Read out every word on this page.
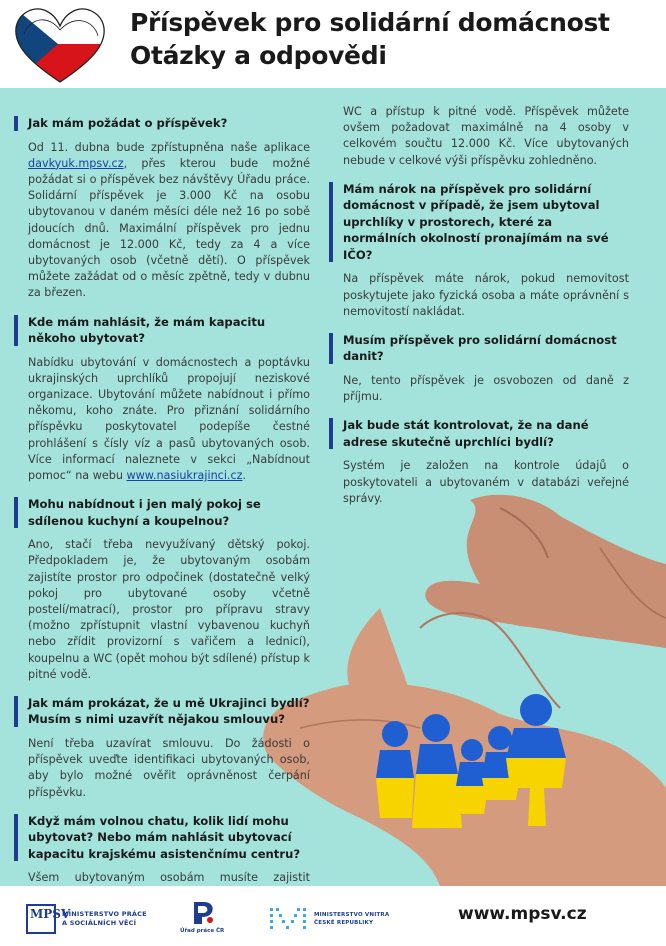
Příspěvek pro solidární domácnost
Otázky a odpovědi
Jak mám požádat o příspěvek?
Od 11. dubna bude zpřístupněna naše aplikace davkyuk.mpsv.cz, přes kterou bude možné požádat si o příspěvek bez návštěvy Úřadu práce. Solidární příspěvek je 3.000 Kč na osobu ubytovanou v daném měsíci déle než 16 po sobě jdoucích dnů. Maximální příspěvek pro jednu domácnost je 12.000 Kč, tedy za 4 a více ubytovaných osob (včetně dětí). O příspěvek můžete zažádat od o měsíc zpětně, tedy v dubnu za březen.
Kde mám nahlásit, že mám kapacitu někoho ubytovat?
Nabídku ubytování v domácnostech a poptávku ukrajinských uprchlíků propojují neziskové organizace. Ubytování můžete nabídnout i přímo někomu, koho znáte. Pro přiznání solidárního příspěvku poskytovatel podepíše čestné prohlášení s čísly víz a pasů ubytovaných osob. Více informací naleznete v sekci „Nabídnout pomoc“ na webu www.nasiukrajinci.cz.
Mohu nabídnout i jen malý pokoj se sdílenou kuchyní a koupelnou?
Ano, stačí třeba nevyužívaný dětský pokoj. Předpokladem je, že ubytovaným osobám zajistíte prostor pro odpočinek (dostatečně velký pokoj pro ubytované osoby včetně postelí/matrací), prostor pro přípravu stravy (možno zpřístupnit vlastní vybavenou kuchyň nebo zřídit provizorní s vařičem a lednicí), koupelnu a WC (opět mohou být sdílené) přístup k pitné vodě.
Jak mám prokázat, že u mě Ukrajinci bydlí? Musím s nimi uzavřít nějakou smlouvu?
Není třeba uzavírat smlouvu. Do žádosti o příspěvek uveďte identifikaci ubytovaných osob, aby bylo možné ověřit oprávněnost čerpání příspěvku.
Když mám volnou chatu, kolik lidí mohu ubytovat? Nebo mám nahlásit ubytovací kapacitu krajskému asistenčnímu centru?
Všem ubytovaným osobám musíte zajistit
WC a přístup k pitné vodě. Příspěvek můžete ovšem požadovat maximálně na 4 osoby v celkovém součtu 12.000 Kč. Více ubytovaných nebude v celkové výši příspěvku zohledněno.
Mám nárok na příspěvek pro solidární domácnost v případě, že jsem ubytoval uprchlíky v prostorech, které za normálních okolností pronajímám na své IČO?
Na příspěvek máte nárok, pokud nemovitost poskytujete jako fyzická osoba a máte oprávnění s nemovitostí nakládat.
Musím příspěvek pro solidární domácnost danit?
Ne, tento příspěvek je osvobozen od daně z příjmu.
Jak bude stát kontrolovat, že na dané adrese skutečně uprchlíci bydlí?
Systém je založen na kontrole údajů o poskytovateli a ubytovaném v databázi veřejné správy.
MPSV
MINISTERSTVO PRÁCE
A SOCIÁLNÍCH VĚCÍ
Úřad práce ČR
MINISTERSTVO VNITRA
ČESKÉ REPUBLIKY	www.mpsv.cz
